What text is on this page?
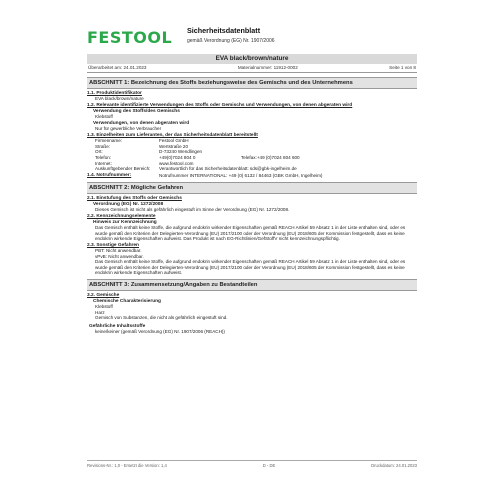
FESTOOL Sicherheitsdatenblatt
gemäß Verordnung (EG) Nr. 1907/2006
EVA black/brown/nature
Überarbeitet am: 24.01.2023	Materialnummer: 11912-0002	Seite 1 von 8
ABSCHNITT 1: Bezeichnung des Stoffs beziehungsweise des Gemischs und des Unternehmens
1.1. Produktidentifikator
EVA black/brown/nature
1.2. Relevante identifizierte Verwendungen des Stoffs oder Gemischs und Verwendungen, von denen abgeraten wird
Verwendung des Stoffs/des Gemischs
Klebstoff
Verwendungen, von denen abgeraten wird
Nur für gewerbliche Verbraucher
1.3. Einzelheiten zum Lieferanten, der das Sicherheitsdatenblatt bereitstellt
Firmenname:	Festool GmbH
Straße:	Wertstraße 20
Ort:	D-73240 Wendlingen
Telefon:	+49(0)7024 804 0	Telefax:+49 (0)7024 804 600
Internet:	www.festool.com
Auskunftgebender Bereich:	Verantwortlich für das Sicherheitsdatenblatt: sds@gbk-ingelheim.de
1.4. Notrufnummer:	Notrufnummer INTERNATIONAL: +49 (0) 6132 / 84463 (GBK GmbH, Ingelheim)
ABSCHNITT 2: Mögliche Gefahren
2.1. Einstufung des Stoffs oder Gemischs
Verordnung (EG) Nr. 1272/2008
Dieses Gemisch ist nicht als gefährlich eingestuft im Sinne der Verordnung (EG) Nr. 1272/2008.
2.2. Kennzeichnungselemente
Hinweis zur Kennzeichnung
Das Gemisch enthält keine Stoffe, die aufgrund endokrin wirkender Eigenschaften gemäß REACH Artikel 59 Absatz 1 in der Liste enthalten sind, oder es wurde gemäß den Kriterien der Delegierten-Verordnung (EU) 2017/2100 oder der Verordnung (EU) 2018/605 der Kommission festgestellt, dass es keine endokrin wirkende Eigenschaften aufweist. Das Produkt ist nach EG-Richtlinien/GefStoffV nicht kennzeichnungspflichtig.
2.3. Sonstige Gefahren
PBT: Nicht anwendbar.
vPvB: Nicht anwendbar.
Das Gemisch enthält keine Stoffe, die aufgrund endokrin wirkender Eigenschaften gemäß REACH Artikel 59 Absatz 1 in der Liste enthalten sind, oder es wurde gemäß den Kriterien der Delegierten-Verordnung (EU) 2017/2100 oder der Verordnung (EU) 2018/605 der Kommission festgestellt, dass es keine endokrin wirkende Eigenschaften aufweist.
ABSCHNITT 3: Zusammensetzung/Angaben zu Bestandteilen
3.2. Gemische
Chemische Charakterisierung
Klebstoff
Harz
Gemisch von Substanzen, die nicht als gefährlich eingestuft sind.
Gefährliche Inhaltsstoffe
keine/keiner (gemäß Verordnung (EG) Nr. 1907/2006 (REACH))
Revisions-Nr.: 1,0 - Ersetzt die Version: 1,4	D - DE	Druckdatum: 24.01.2023
